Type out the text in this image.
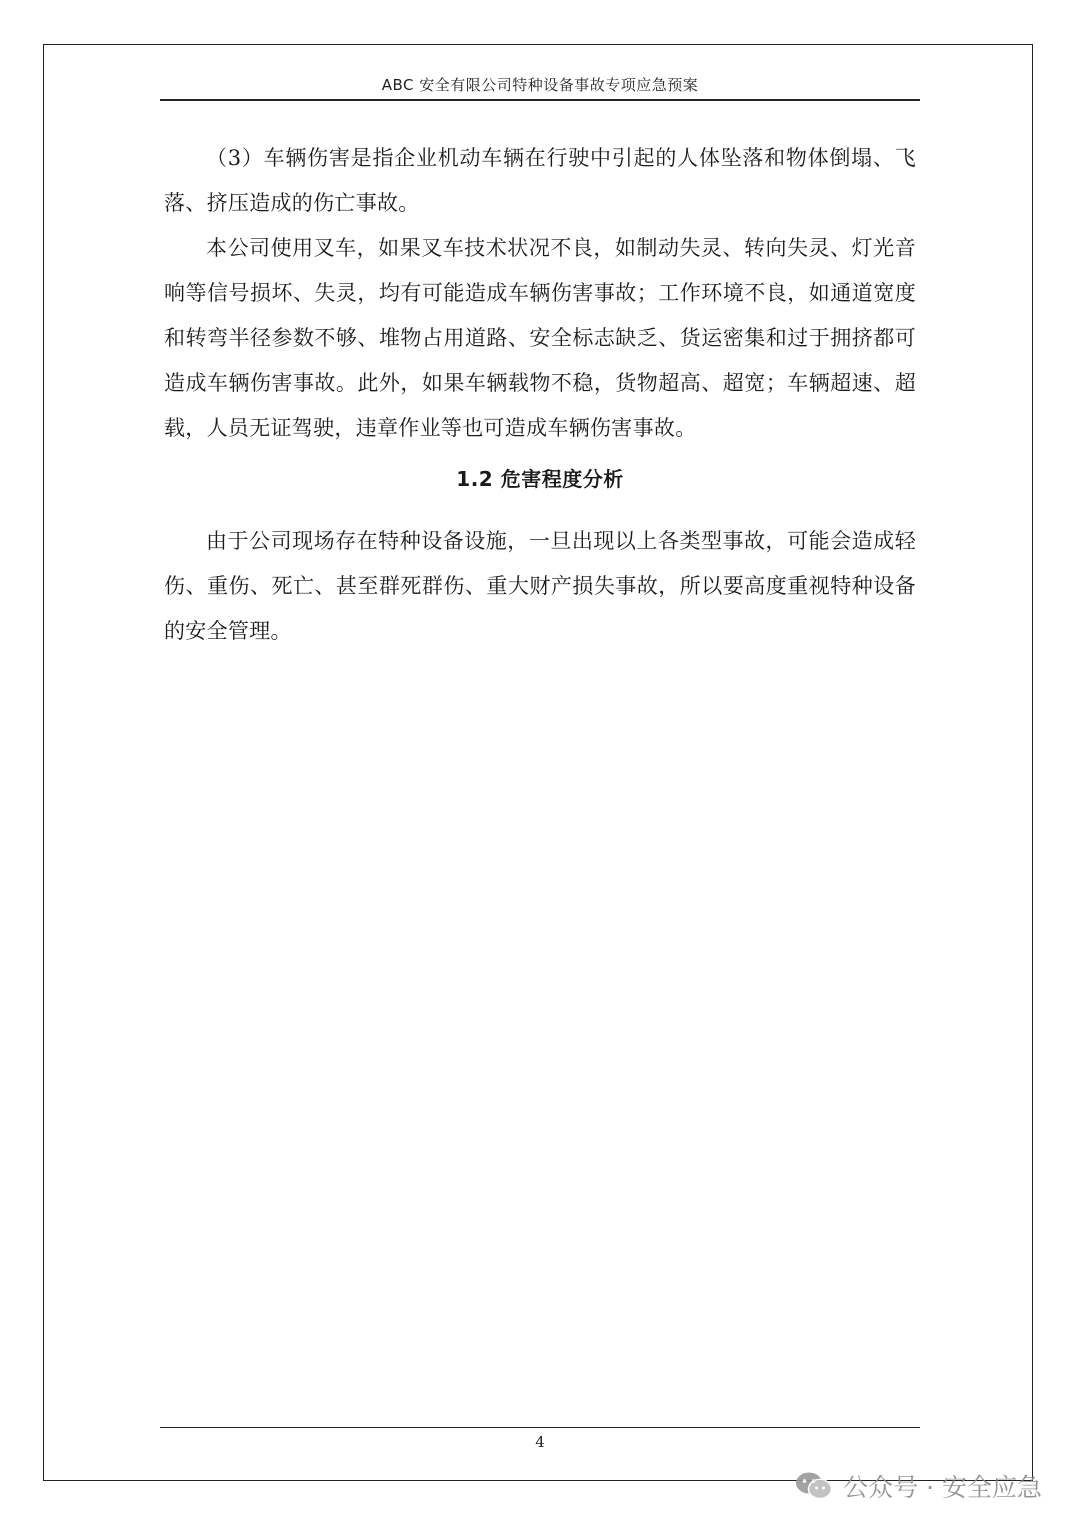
ABC 安全有限公司特种设备事故专项应急预案

（3）车辆伤害是指企业机动车辆在行驶中引起的人体坠落和物体倒塌、飞落、挤压造成的伤亡事故。

本公司使用叉车，如果叉车技术状况不良，如制动失灵、转向失灵、灯光音响等信号损坏、失灵，均有可能造成车辆伤害事故；工作环境不良，如通道宽度和转弯半径参数不够、堆物占用道路、安全标志缺乏、货运密集和过于拥挤都可造成车辆伤害事故。此外，如果车辆载物不稳，货物超高、超宽；车辆超速、超载，人员无证驾驶，违章作业等也可造成车辆伤害事故。

1.2 危害程度分析

由于公司现场存在特种设备设施，一旦出现以上各类型事故，可能会造成轻伤、重伤、死亡、甚至群死群伤、重大财产损失事故，所以要高度重视特种设备的安全管理。

4
公众号 · 安全应急
